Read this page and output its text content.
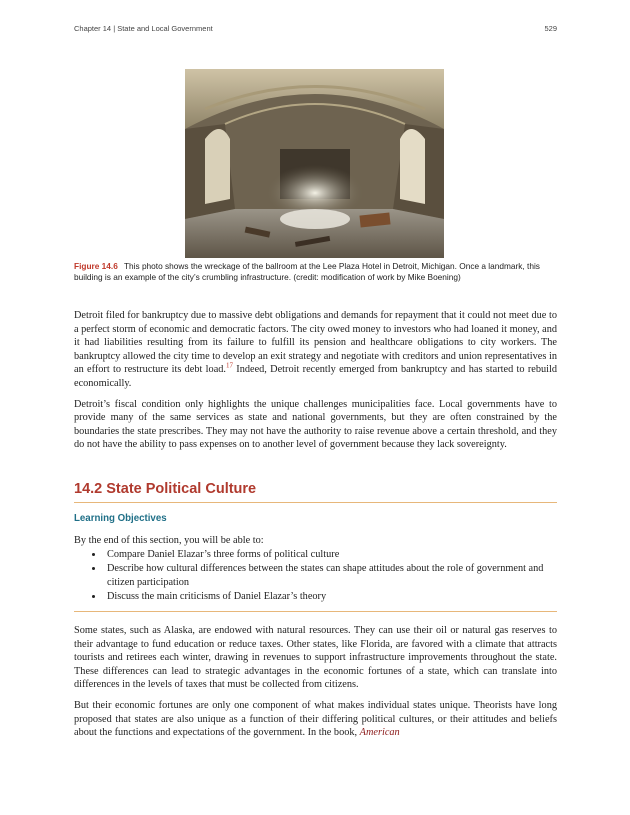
Chapter 14 | State and Local Government	529
Figure 14.6 This photo shows the wreckage of the ballroom at the Lee Plaza Hotel in Detroit, Michigan. Once a landmark, this building is an example of the city’s crumbling infrastructure. (credit: modification of work by Mike Boening)

Detroit filed for bankruptcy due to massive debt obligations and demands for repayment that it could not meet due to a perfect storm of economic and democratic factors. The city owed money to investors who had loaned it money, and it had liabilities resulting from its failure to fulfill its pension and healthcare obligations to city workers. The bankruptcy allowed the city time to develop an exit strategy and negotiate with creditors and union representatives in an effort to restructure its debt load.$^{17}$ Indeed, Detroit recently emerged from bankruptcy and has started to rebuild economically.

Detroit’s fiscal condition only highlights the unique challenges municipalities face. Local governments have to provide many of the same services as state and national governments, but they are often constrained by the boundaries the state prescribes. They may not have the authority to raise revenue above a certain threshold, and they do not have the ability to pass expenses on to another level of government because they lack sovereignty.

14.2 State Political Culture
Learning Objectives
By the end of this section, you will be able to:
• Compare Daniel Elazar’s three forms of political culture
• Describe how cultural differences between the states can shape attitudes about the role of government and citizen participation
• Discuss the main criticisms of Daniel Elazar’s theory

Some states, such as Alaska, are endowed with natural resources. They can use their oil or natural gas reserves to their advantage to fund education or reduce taxes. Other states, like Florida, are favored with a climate that attracts tourists and retirees each winter, drawing in revenues to support infrastructure improvements throughout the state. These differences can lead to strategic advantages in the economic fortunes of a state, which can translate into differences in the levels of taxes that must be collected from citizens.

But their economic fortunes are only one component of what makes individual states unique. Theorists have long proposed that states are also unique as a function of their differing political cultures, or their attitudes and beliefs about the functions and expectations of the government. In the book, American
